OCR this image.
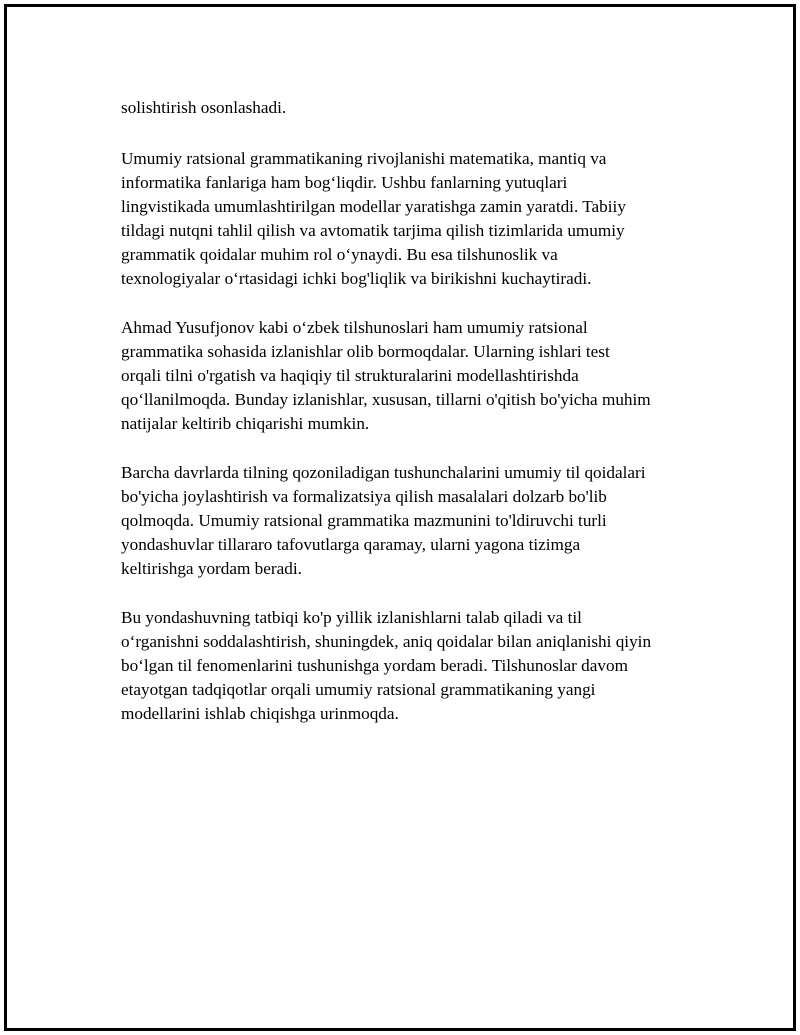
solishtirish osonlashadi.

Umumiy ratsional grammatikaning rivojlanishi matematika, mantiq va
informatika fanlariga ham bog‘liqdir. Ushbu fanlarning yutuqlari
lingvistikada umumlashtirilgan modellar yaratishga zamin yaratdi. Tabiiy
tildagi nutqni tahlil qilish va avtomatik tarjima qilish tizimlarida umumiy
grammatik qoidalar muhim rol o‘ynaydi. Bu esa tilshunoslik va
texnologiyalar o‘rtasidagi ichki bog'liqlik va birikishni kuchaytiradi.

Ahmad Yusufjonov kabi o‘zbek tilshunoslari ham umumiy ratsional
grammatika sohasida izlanishlar olib bormoqdalar. Ularning ishlari test
orqali tilni o'rgatish va haqiqiy til strukturalarini modellashtirishda
qo‘llanilmoqda. Bunday izlanishlar, xususan, tillarni o'qitish bo'yicha muhim
natijalar keltirib chiqarishi mumkin.

Barcha davrlarda tilning qozoniladigan tushunchalarini umumiy til qoidalari
bo'yicha joylashtirish va formalizatsiya qilish masalalari dolzarb bo'lib
qolmoqda. Umumiy ratsional grammatika mazmunini to'ldiruvchi turli
yondashuvlar tillararo tafovutlarga qaramay, ularni yagona tizimga
keltirishga yordam beradi.

Bu yondashuvning tatbiqi ko'p yillik izlanishlarni talab qiladi va til
o‘rganishni soddalashtirish, shuningdek, aniq qoidalar bilan aniqlanishi qiyin
bo‘lgan til fenomenlarini tushunishga yordam beradi. Tilshunoslar davom
etayotgan tadqiqotlar orqali umumiy ratsional grammatikaning yangi
modellarini ishlab chiqishga urinmoqda.
